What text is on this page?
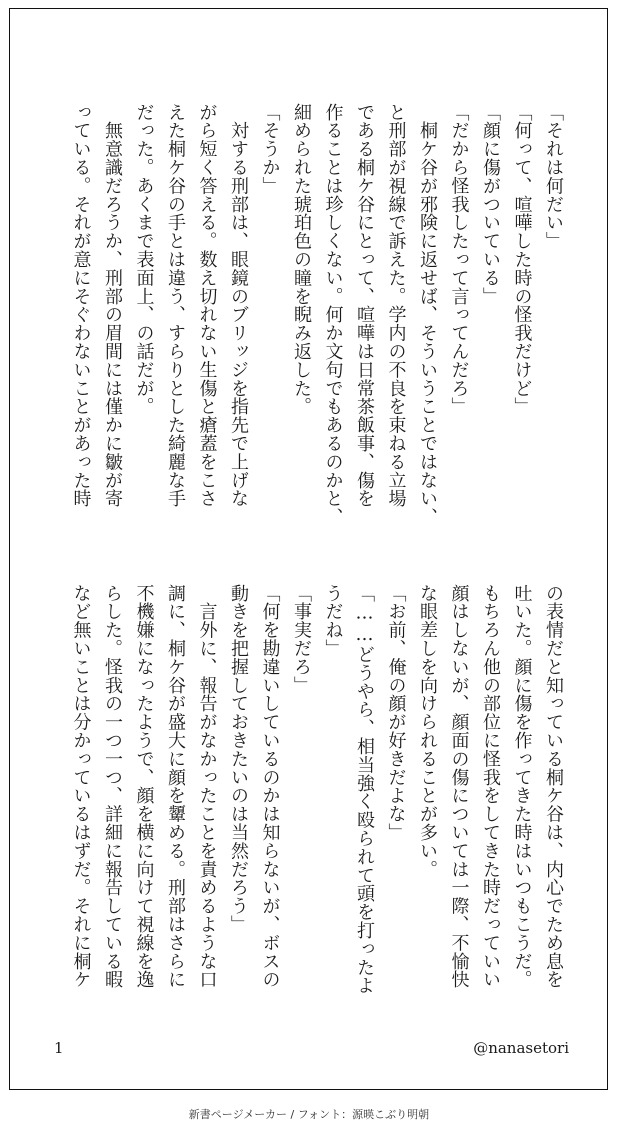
「それは何だい」
「何って、喧嘩した時の怪我だけど」
「顔に傷がついている」
「だから怪我したって言ってんだろ」
　桐ケ谷が邪険に返せば、そういうことではない、
と刑部が視線で訴えた。学内の不良を束ねる立場
である桐ケ谷にとって、喧嘩は日常茶飯事、傷を
作ることは珍しくない。何か文句でもあるのかと、
細められた琥珀色の瞳を睨み返した。
「そうか」
　対する刑部は、眼鏡のブリッジを指先で上げな
がら短く答える。数え切れない生傷と瘡蓋をこさ
えた桐ケ谷の手とは違う、すらりとした綺麗な手
だった。あくまで表面上、の話だが。
　無意識だろうか、刑部の眉間には僅かに皺が寄
っている。それが意にそぐわないことがあった時
の表情だと知っている桐ケ谷は、内心でため息を
吐いた。顔に傷を作ってきた時はいつもこうだ。
もちろん他の部位に怪我をしてきた時だっていい
顔はしないが、顔面の傷については一際、不愉快
な眼差しを向けられることが多い。
「お前、俺の顔が好きだよな」
「……どうやら、相当強く殴られて頭を打ったよ
うだね」
「事実だろ」
「何を勘違いしているのかは知らないが、ボスの
動きを把握しておきたいのは当然だろう」
　言外に、報告がなかったことを責めるような口
調に、桐ケ谷が盛大に顔を顰める。刑部はさらに
不機嫌になったようで、顔を横に向けて視線を逸
らした。怪我の一つ一つ、詳細に報告している暇
など無いことは分かっているはずだ。それに桐ケ
1	@nanasetori
新書ページメーカー / フォント：源暎こぶり明朝
